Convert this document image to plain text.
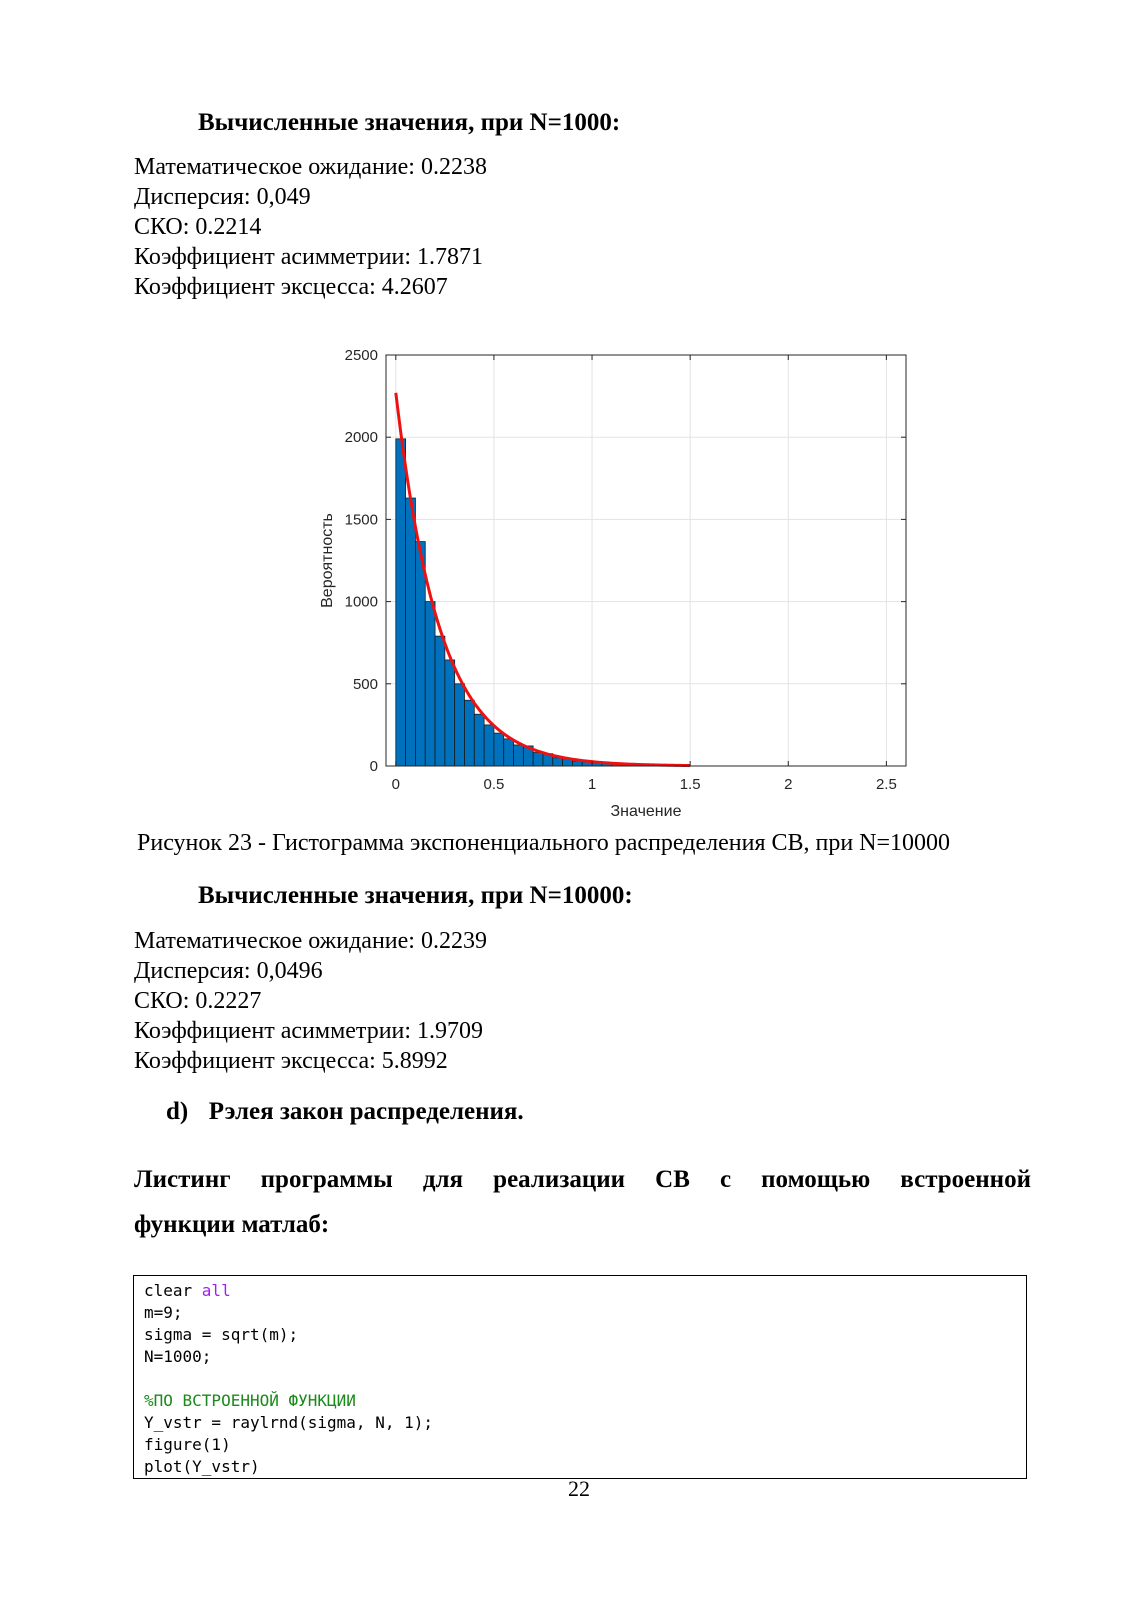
Вычисленные значения, при N=1000:
Математическое ожидание: 0.2238
Дисперсия: 0,049
СКО: 0.2214
Коэффициент асимметрии: 1.7871
Коэффициент эксцесса: 4.2607
0	0.5	1	1.5	2	2.5
0
500
1000
1500
2000
2500
Значение
Вероятность
Рисунок 23 - Гистограмма экспоненциального распределения СВ, при N=10000
Вычисленные значения, при N=10000:
Математическое ожидание: 0.2239
Дисперсия: 0,0496
СКО: 0.2227
Коэффициент асимметрии: 1.9709
Коэффициент эксцесса: 5.8992
d) Рэлея закон распределения.
Листинг программы для реализации СВ с помощью встроенной
функции матлаб:
clear all
m=9;
sigma = sqrt(m);
N=1000;
%ПО ВСТРОЕННОЙ ФУНКЦИИ
Y_vstr = raylrnd(sigma, N, 1);
figure(1)
plot(Y_vstr)
22
